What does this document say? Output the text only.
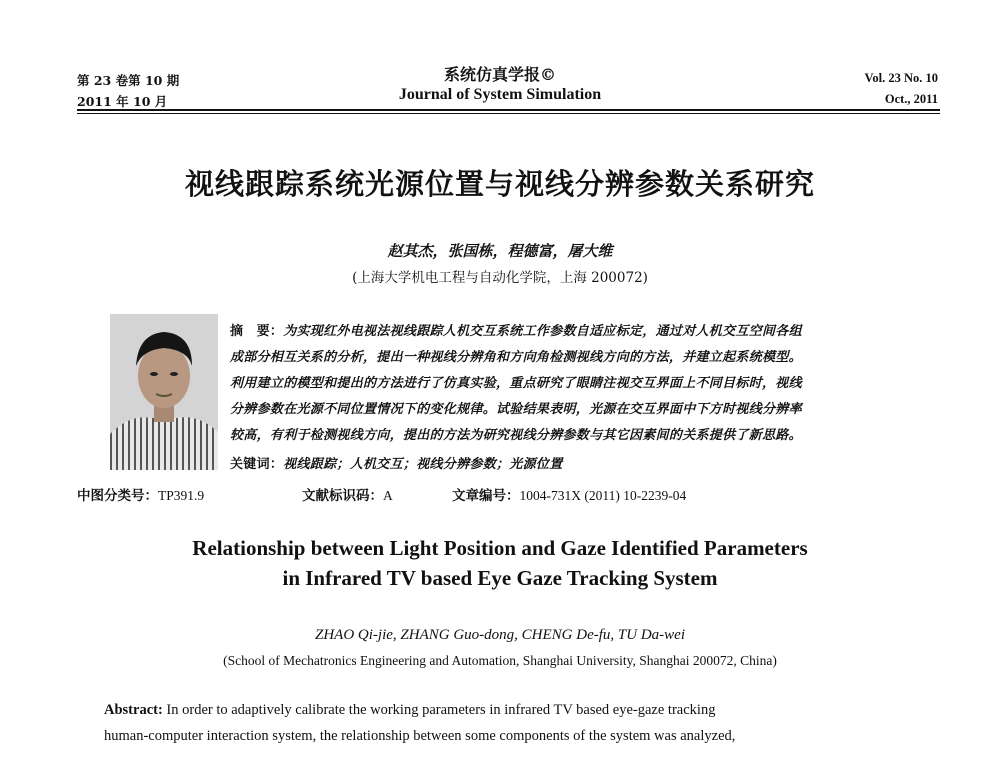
第 23 卷第 10 期
2011 年 10 月
系统仿真学报©
Journal of System Simulation
Vol. 23 No. 10
Oct., 2011
视线跟踪系统光源位置与视线分辨参数关系研究
赵其杰，张国栋，程德富，屠大维
(上海大学机电工程与自动化学院，上海 200072)
摘　要：为实现红外电视法视线跟踪人机交互系统工作参数自适应标定，通过对人机交互空间各组
成部分相互关系的分析，提出一种视线分辨角和方向角检测视线方向的方法，并建立起系统模型。
利用建立的模型和提出的方法进行了仿真实验，重点研究了眼睛注视交互界面上不同目标时，视线
分辨参数在光源不同位置情况下的变化规律。试验结果表明，光源在交互界面中下方时视线分辨率
较高，有利于检测视线方向，提出的方法为研究视线分辨参数与其它因素间的关系提供了新思路。
关键词：视线跟踪；人机交互；视线分辨参数；光源位置
中图分类号：TP391.9	文献标识码：A	文章编号：1004-731X (2011) 10-2239-04
Relationship between Light Position and Gaze Identified Parameters
in Infrared TV based Eye Gaze Tracking System
ZHAO Qi-jie, ZHANG Guo-dong, CHENG De-fu, TU Da-wei
(School of Mechatronics Engineering and Automation, Shanghai University, Shanghai 200072, China)
Abstract: In order to adaptively calibrate the working parameters in infrared TV based eye-gaze tracking
human-computer interaction system, the relationship between some components of the system was analyzed,
